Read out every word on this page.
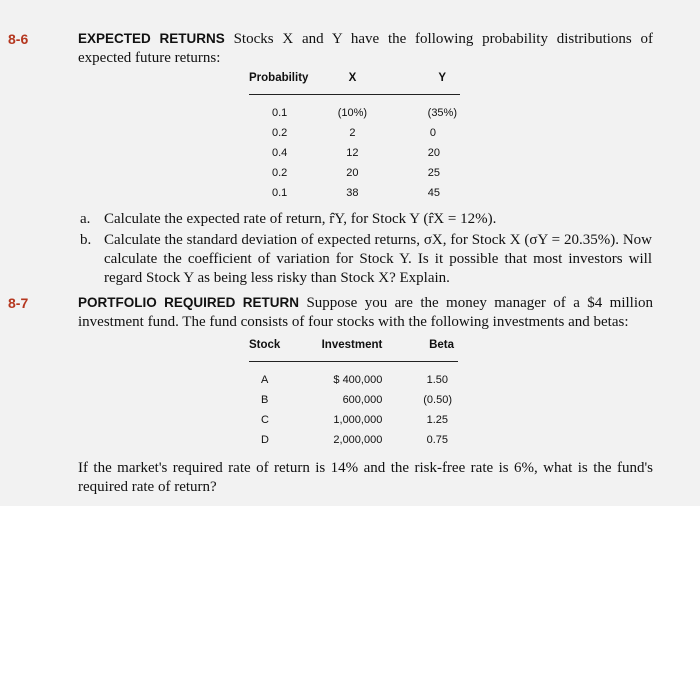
8-6	EXPECTED RETURNS Stocks X and Y have the following probability distributions of expected future returns:
Probability	X	Y
0.1	(10%)	(35%)
0.2	2	0
0.4	12	20
0.2	20	25
0.1	38	45
a. Calculate the expected rate of return, r̂Y, for Stock Y (r̂X = 12%).
b. Calculate the standard deviation of expected returns, σX, for Stock X (σY = 20.35%). Now calculate the coefficient of variation for Stock Y. Is it possible that most investors will regard Stock Y as being less risky than Stock X? Explain.
8-7	PORTFOLIO REQUIRED RETURN Suppose you are the money manager of a $4 million investment fund. The fund consists of four stocks with the following investments and betas:
Stock	Investment	Beta
A	$ 400,000	1.50
B	600,000	(0.50)
C	1,000,000	1.25
D	2,000,000	0.75
If the market's required rate of return is 14% and the risk-free rate is 6%, what is the fund's required rate of return?
